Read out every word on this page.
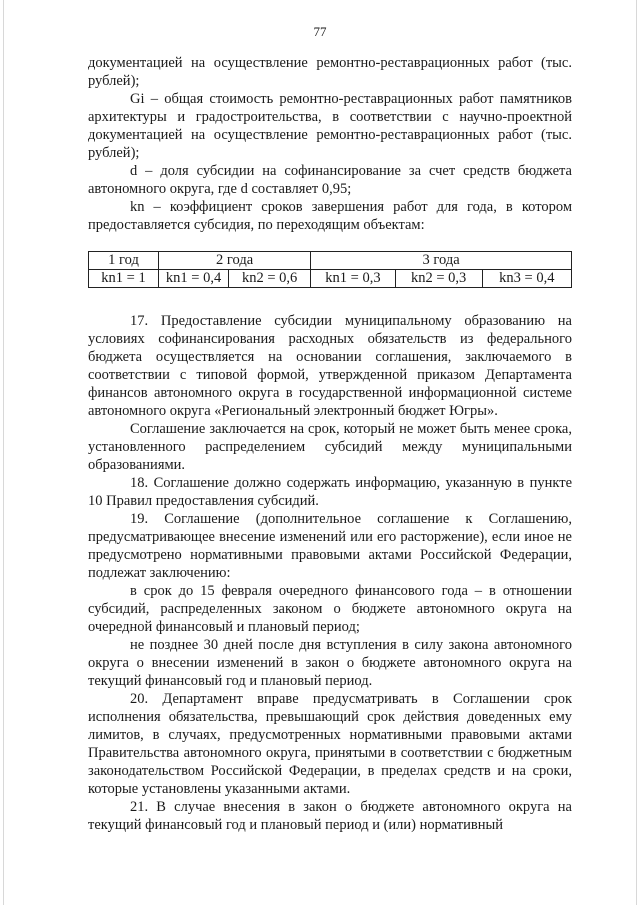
77

документацией на осуществление ремонтно-реставрационных работ (тыс. рублей);

Gi – общая стоимость ремонтно-реставрационных работ памятников архитектуры и градостроительства, в соответствии с научно-проектной документацией на осуществление ремонтно-реставрационных работ (тыс. рублей);

d – доля субсидии на софинансирование за счет средств бюджета автономного округа, где d составляет 0,95;

kn – коэффициент сроков завершения работ для года, в котором предоставляется субсидия, по переходящим объектам:

1 год	2 года		3 года		
kn1 = 1	kn1 = 0,4	kn2 = 0,6	kn1 = 0,3	kn2 = 0,3	kn3 = 0,4

17. Предоставление субсидии муниципальному образованию на условиях софинансирования расходных обязательств из федерального бюджета осуществляется на основании соглашения, заключаемого в соответствии с типовой формой, утвержденной приказом Департамента финансов автономного округа в государственной информационной системе автономного округа «Региональный электронный бюджет Югры».

Соглашение заключается на срок, который не может быть менее срока, установленного распределением субсидий между муниципальными образованиями.

18. Соглашение должно содержать информацию, указанную в пункте 10 Правил предоставления субсидий.

19. Соглашение (дополнительное соглашение к Соглашению, предусматривающее внесение изменений или его расторжение), если иное не предусмотрено нормативными правовыми актами Российской Федерации, подлежат заключению:

в срок до 15 февраля очередного финансового года – в отношении субсидий, распределенных законом о бюджете автономного округа на очередной финансовый и плановый период;

не позднее 30 дней после дня вступления в силу закона автономного округа о внесении изменений в закон о бюджете автономного округа на текущий финансовый год и плановый период.

20. Департамент вправе предусматривать в Соглашении срок исполнения обязательства, превышающий срок действия доведенных ему лимитов, в случаях, предусмотренных нормативными правовыми актами Правительства автономного округа, принятыми в соответствии с бюджетным законодательством Российской Федерации, в пределах средств и на сроки, которые установлены указанными актами.

21. В случае внесения в закон о бюджете автономного округа на текущий финансовый год и плановый период и (или) нормативный
